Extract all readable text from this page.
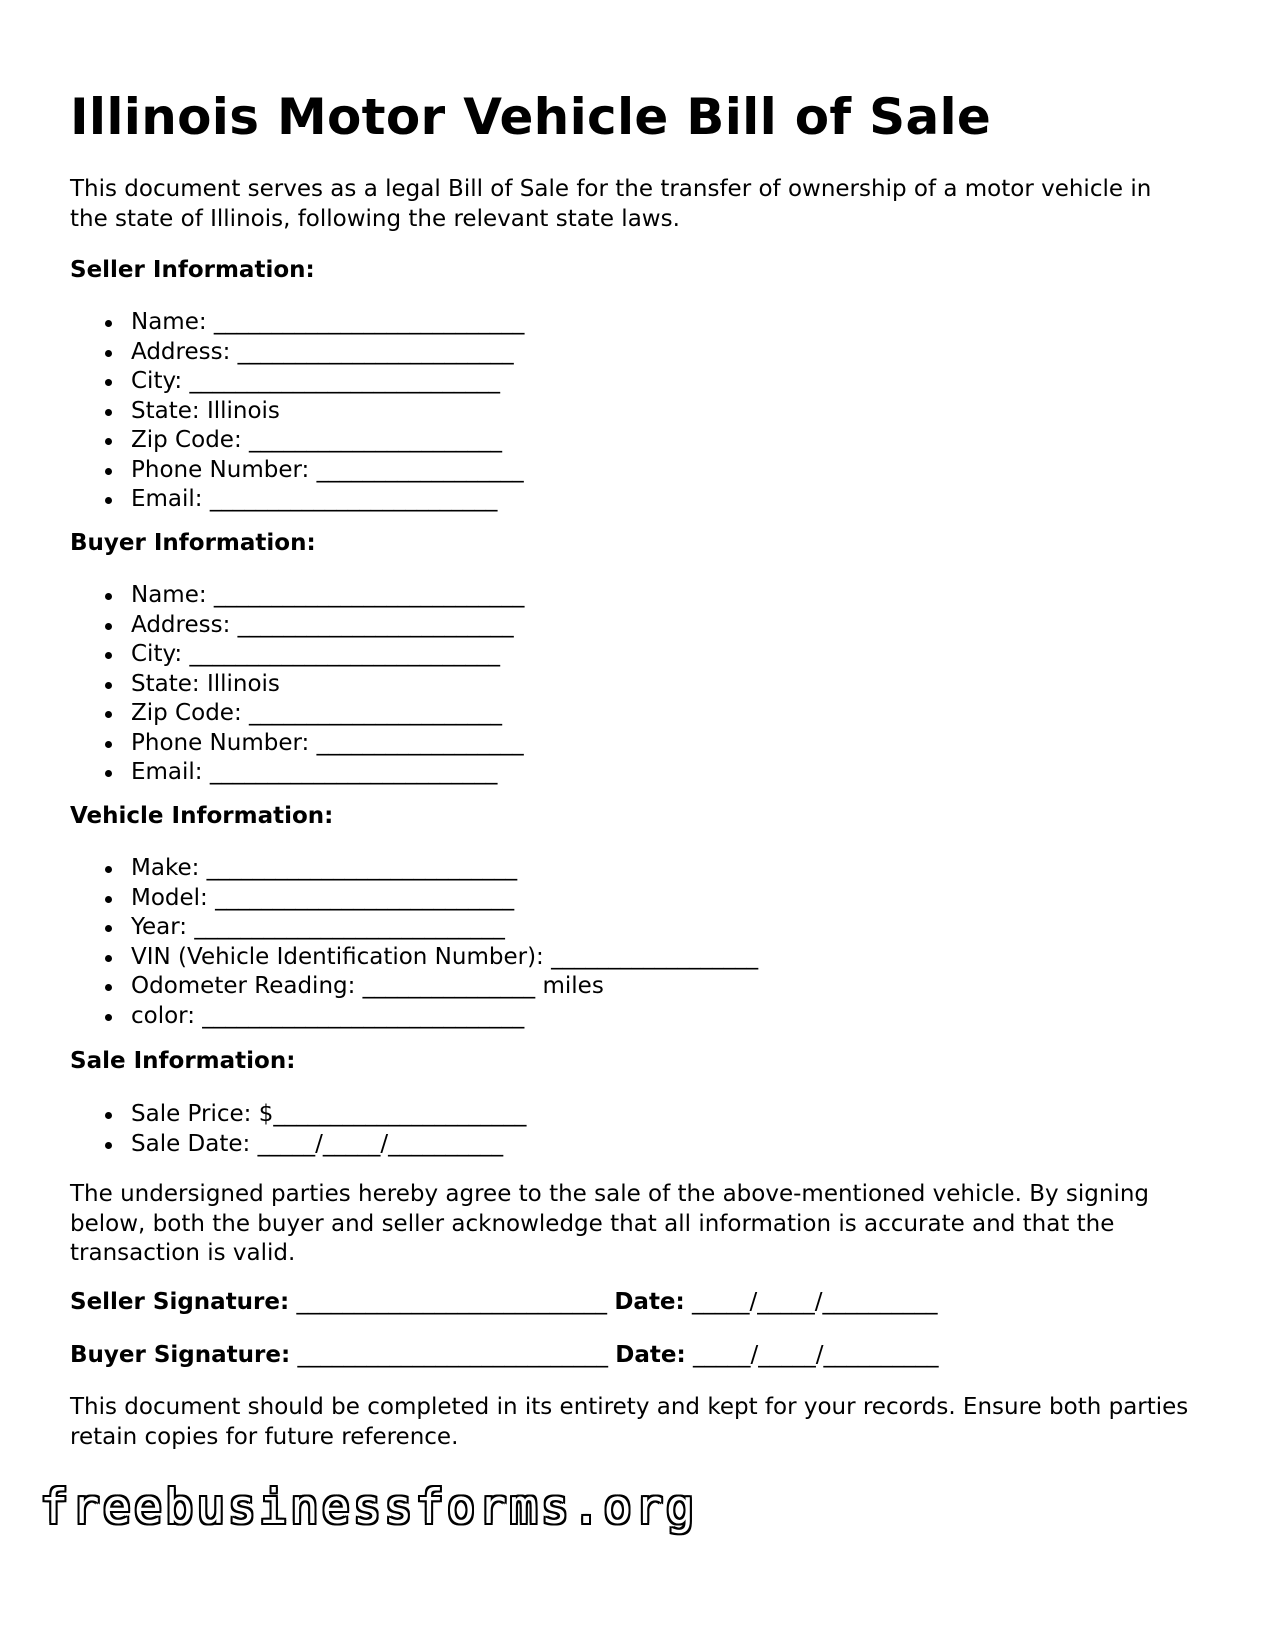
Illinois Motor Vehicle Bill of Sale

This document serves as a legal Bill of Sale for the transfer of ownership of a motor vehicle in the state of Illinois, following the relevant state laws.

Seller Information:

Name: ___________________________
Address: ________________________
City: ___________________________
State: Illinois
Zip Code: ______________________
Phone Number: __________________
Email: _________________________

Buyer Information:

Name: ___________________________
Address: ________________________
City: ___________________________
State: Illinois
Zip Code: ______________________
Phone Number: __________________
Email: _________________________

Vehicle Information:

Make: ___________________________
Model: __________________________
Year: ___________________________
VIN (Vehicle Identification Number): __________________
Odometer Reading: _______________ miles
color: ____________________________

Sale Information:

Sale Price: $______________________
Sale Date: _____/_____/__________

The undersigned parties hereby agree to the sale of the above-mentioned vehicle. By signing below, both the buyer and seller acknowledge that all information is accurate and that the transaction is valid.

Seller Signature: ___________________________ Date: _____/_____/__________

Buyer Signature: ___________________________ Date: _____/_____/__________

This document should be completed in its entirety and kept for your records. Ensure both parties retain copies for future reference.

freebusinessforms.org
